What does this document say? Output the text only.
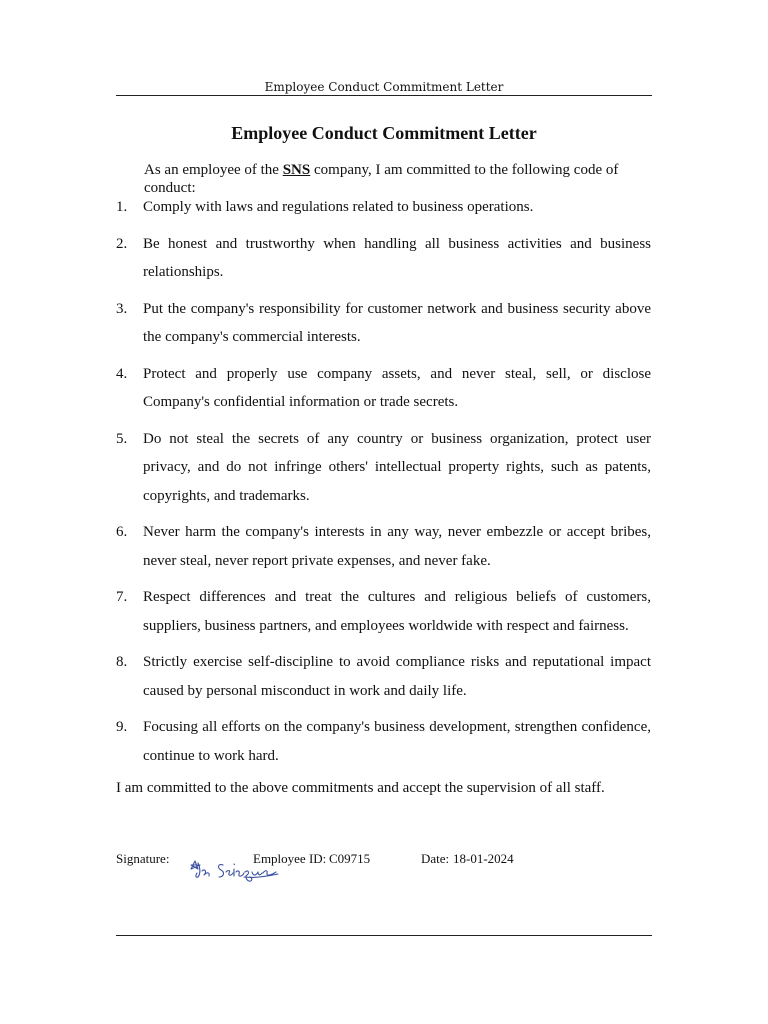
Employee Conduct Commitment Letter
Employee Conduct Commitment Letter
As an employee of the SNS company, I am committed to the following code of conduct:
1. Comply with laws and regulations related to business operations.
2. Be honest and trustworthy when handling all business activities and business relationships.
3. Put the company's responsibility for customer network and business security above the company's commercial interests.
4. Protect and properly use company assets, and never steal, sell, or disclose Company's confidential information or trade secrets.
5. Do not steal the secrets of any country or business organization, protect user privacy, and do not infringe others' intellectual property rights, such as patents, copyrights, and trademarks.
6. Never harm the company's interests in any way, never embezzle or accept bribes, never steal, never report private expenses, and never fake.
7. Respect differences and treat the cultures and religious beliefs of customers, suppliers, business partners, and employees worldwide with respect and fairness.
8. Strictly exercise self-discipline to avoid compliance risks and reputational impact caused by personal misconduct in work and daily life.
9. Focusing all efforts on the company's business development, strengthen confidence, continue to work hard.
I am committed to the above commitments and accept the supervision of all staff.
Signature:	Employee ID: C09715	Date: 18-01-2024
